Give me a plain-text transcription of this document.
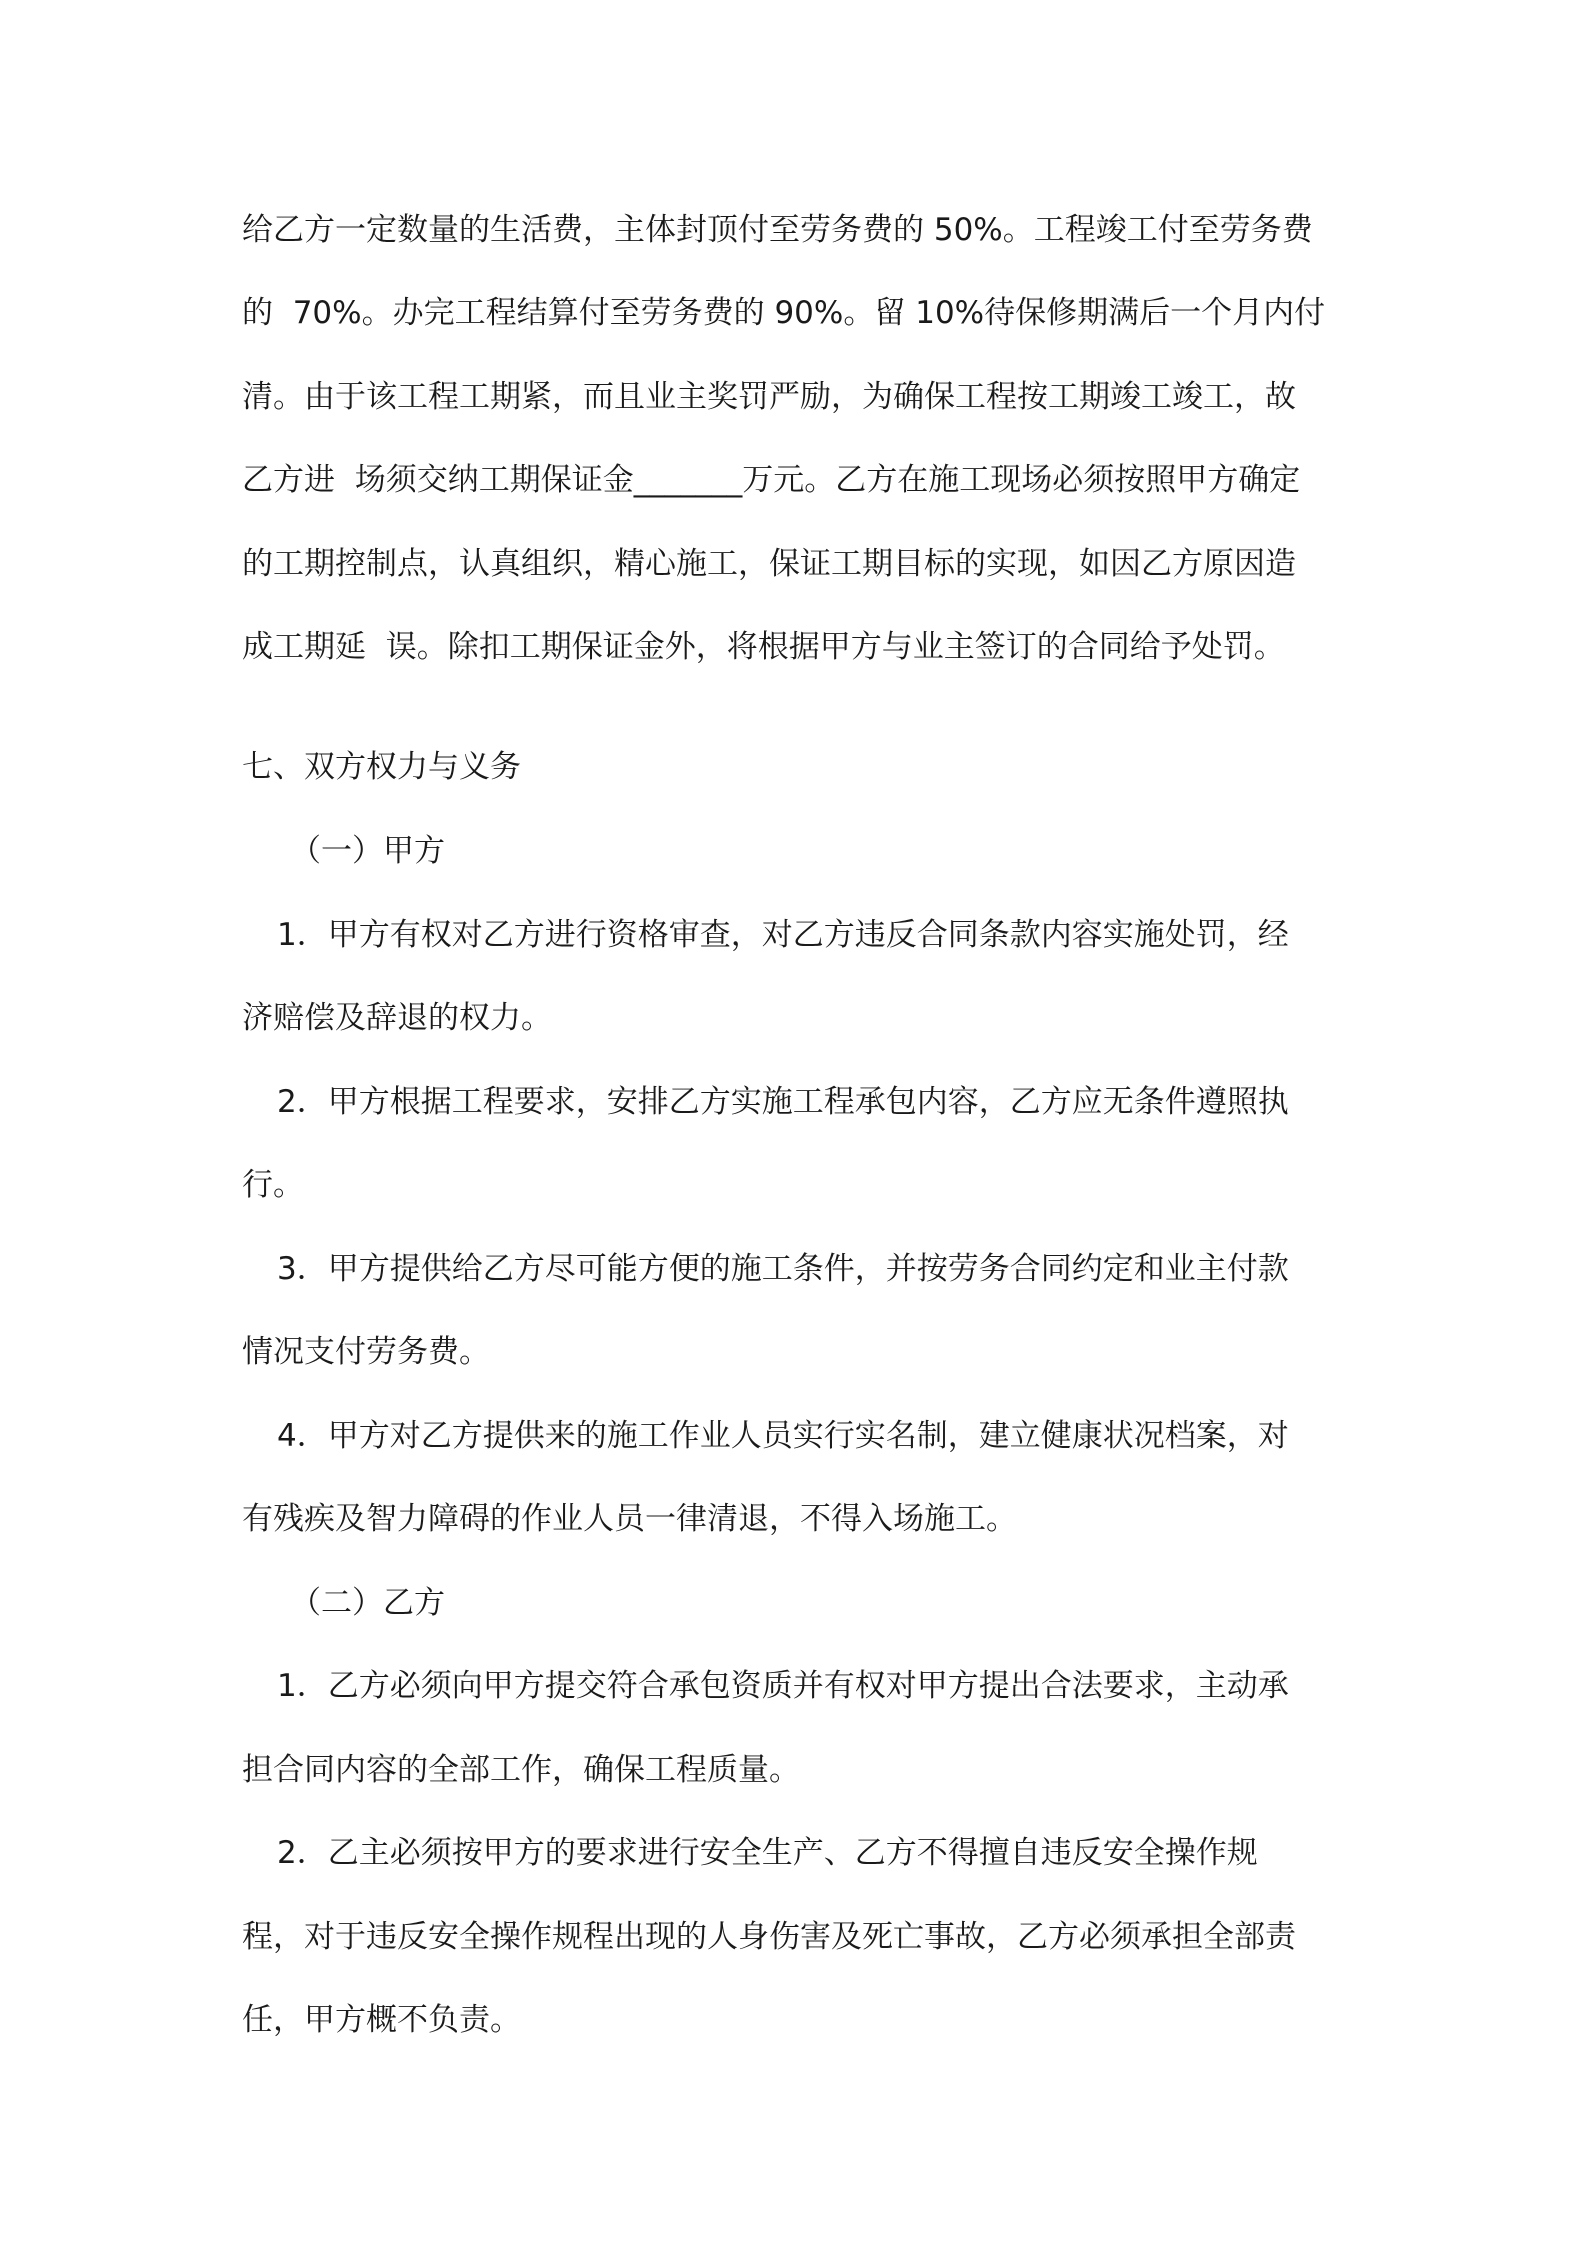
给乙方一定数量的生活费，主体封顶付至劳务费的 50%。工程竣工付至劳务费
的  70%。办完工程结算付至劳务费的 90%。留 10%待保修期满后一个月内付
清。由于该工程工期紧，而且业主奖罚严励，为确保工程按工期竣工竣工，故
乙方进  场须交纳工期保证金_______万元。乙方在施工现场必须按照甲方确定
的工期控制点，认真组织，精心施工，保证工期目标的实现，如因乙方原因造
成工期延  误。除扣工期保证金外，将根据甲方与业主签订的合同给予处罚。
七、双方权力与义务
（一）甲方
1．甲方有权对乙方进行资格审查，对乙方违反合同条款内容实施处罚，经
济赔偿及辞退的权力。
2．甲方根据工程要求，安排乙方实施工程承包内容，乙方应无条件遵照执
行。
3．甲方提供给乙方尽可能方便的施工条件，并按劳务合同约定和业主付款
情况支付劳务费。
4．甲方对乙方提供来的施工作业人员实行实名制，建立健康状况档案，对
有残疾及智力障碍的作业人员一律清退，不得入场施工。
（二）乙方
1．乙方必须向甲方提交符合承包资质并有权对甲方提出合法要求，主动承
担合同内容的全部工作，确保工程质量。
2．乙主必须按甲方的要求进行安全生产、乙方不得擅自违反安全操作规
程，对于违反安全操作规程出现的人身伤害及死亡事故，乙方必须承担全部责
任，甲方概不负责。
